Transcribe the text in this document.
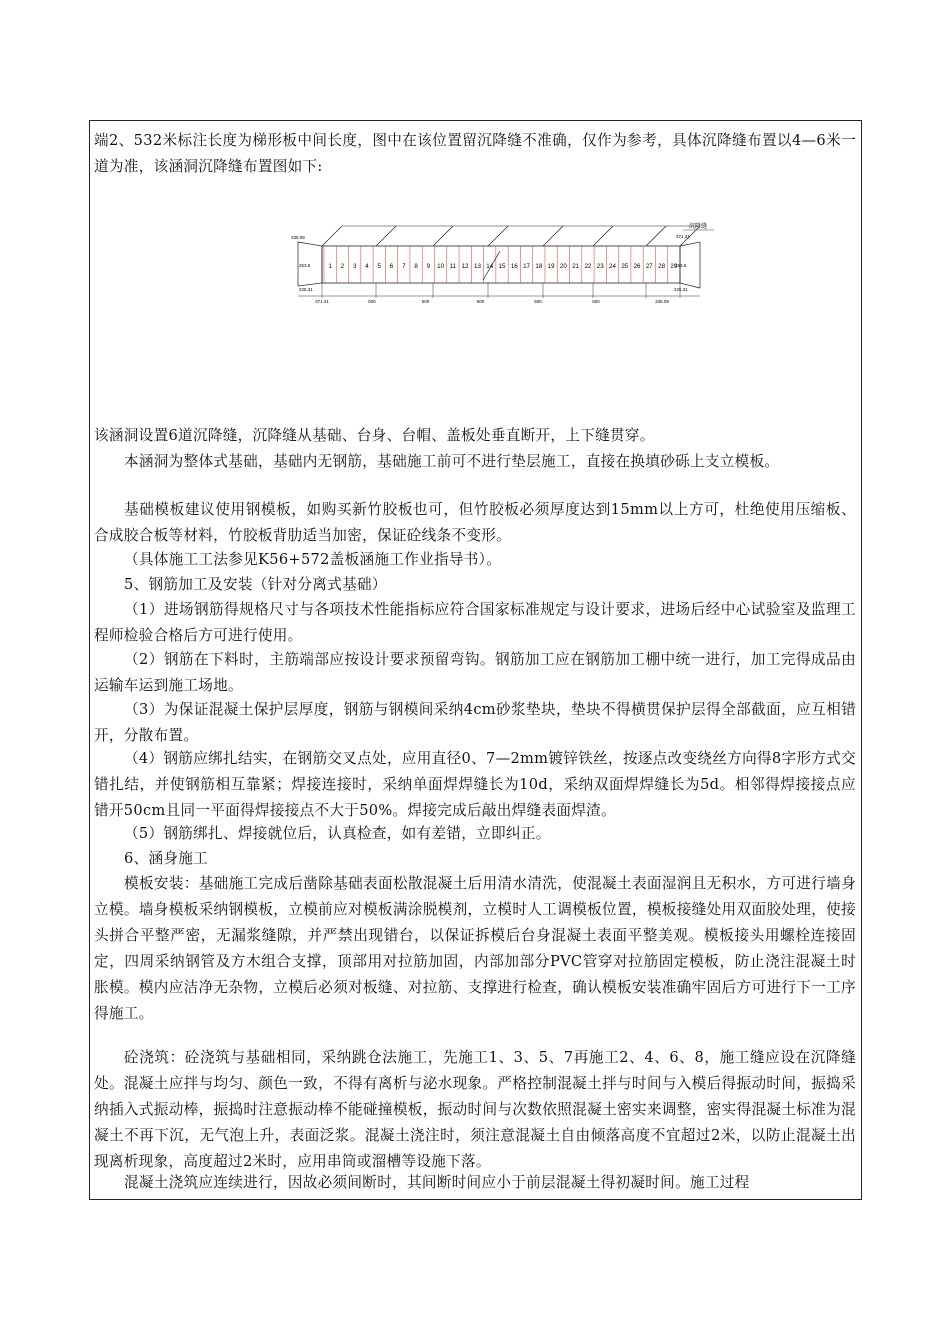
端2、532米标注长度为梯形板中间长度，图中在该位置留沉降缝不准确，仅作为参考，具体沉降缝布置以4—6米一道为准，该涵洞沉降缝布置图如下:
沉降缝
1 2 3 4 5 6 7 8 9 10 11 12 13 14 15 16 17 18 19 20 21 22 23 24 25 26 27 28 29
335.09
253.6
225.31
371.31
253.6
225.31
371.31	500	500	500	500	500	335.09
该涵洞设置6道沉降缝，沉降缝从基础、台身、台帽、盖板处垂直断开，上下缝贯穿。
本涵洞为整体式基础，基础内无钢筋，基础施工前可不进行垫层施工，直接在换填砂砾上支立模板。
基础模板建议使用钢模板，如购买新竹胶板也可，但竹胶板必须厚度达到15mm以上方可，杜绝使用压缩板、合成胶合板等材料，竹胶板背肋适当加密，保证砼线条不变形。
（具体施工工法参见K56+572盖板涵施工作业指导书）。
5、钢筋加工及安装（针对分离式基础）
（1）进场钢筋得规格尺寸与各项技术性能指标应符合国家标准规定与设计要求，进场后经中心试验室及监理工程师检验合格后方可进行使用。
（2）钢筋在下料时，主筋端部应按设计要求预留弯钩。钢筋加工应在钢筋加工棚中统一进行，加工完得成品由运输车运到施工场地。
（3）为保证混凝土保护层厚度，钢筋与钢模间采纳4cm砂浆垫块，垫块不得横贯保护层得全部截面，应互相错开，分散布置。
（4）钢筋应绑扎结实，在钢筋交叉点处，应用直径0、7—2mm镀锌铁丝，按逐点改变绕丝方向得8字形方式交错扎结，并使钢筋相互靠紧；焊接连接时，采纳单面焊焊缝长为10d，采纳双面焊焊缝长为5d。相邻得焊接接点应错开50cm且同一平面得焊接接点不大于50%。焊接完成后敲出焊缝表面焊渣。
（5）钢筋绑扎、焊接就位后，认真检查，如有差错，立即纠正。
6、涵身施工
模板安装：基础施工完成后凿除基础表面松散混凝土后用清水清洗，使混凝土表面湿润且无积水，方可进行墙身立模。墙身模板采纳钢模板，立模前应对模板满涂脱模剂，立模时人工调模板位置，模板接缝处用双面胶处理，使接头拼合平整严密，无漏浆缝隙，并严禁出现错台，以保证拆模后台身混凝土表面平整美观。模板接头用螺栓连接固定，四周采纳钢管及方木组合支撑，顶部用对拉筋加固，内部加部分PVC管穿对拉筋固定模板，防止浇注混凝土时胀模。模内应洁净无杂物，立模后必须对板缝、对拉筋、支撑进行检查，确认模板安装准确牢固后方可进行下一工序得施工。
砼浇筑：砼浇筑与基础相同，采纳跳仓法施工，先施工1、3、5、7再施工2、4、6、8，施工缝应设在沉降缝处。混凝土应拌与均匀、颜色一致，不得有离析与泌水现象。严格控制混凝土拌与时间与入模后得振动时间，振捣采纳插入式振动棒，振捣时注意振动棒不能碰撞模板，振动时间与次数依照混凝土密实来调整，密实得混凝土标准为混凝土不再下沉，无气泡上升，表面泛浆。混凝土浇注时，须注意混凝土自由倾落高度不宜超过2米，以防止混凝土出现离析现象，高度超过2米时，应用串筒或溜槽等设施下落。
混凝土浇筑应连续进行，因故必须间断时，其间断时间应小于前层混凝土得初凝时间。施工过程
